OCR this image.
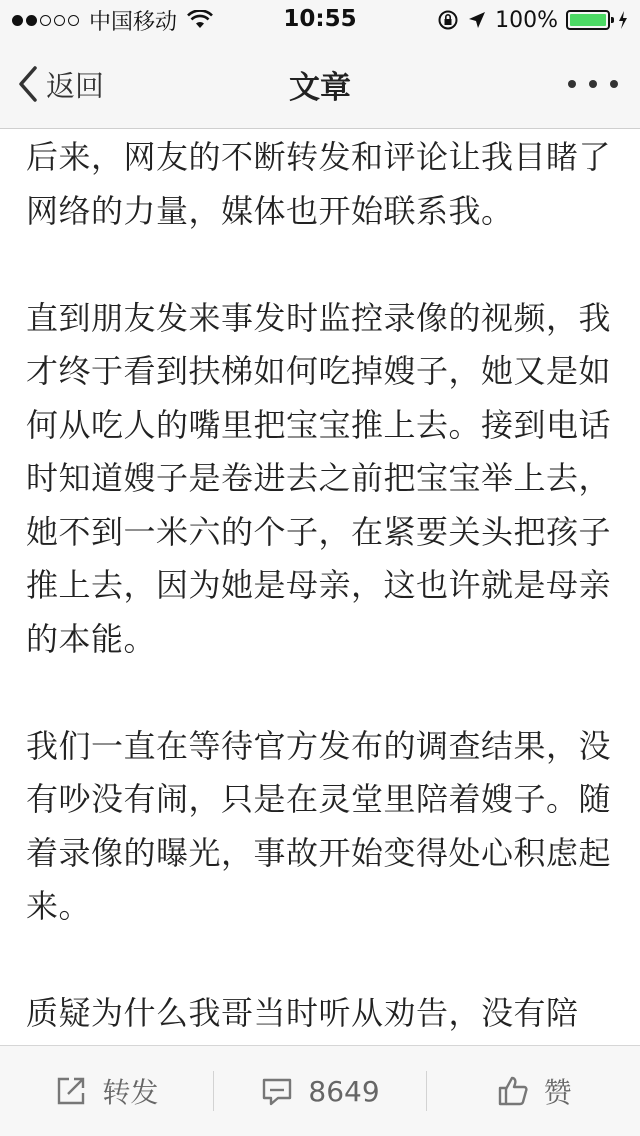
中国移动	10:55	100%
返回	文章

后来，网友的不断转发和评论让我目睹了网络的力量，媒体也开始联系我。

直到朋友发来事发时监控录像的视频，我才终于看到扶梯如何吃掉嫂子，她又是如何从吃人的嘴里把宝宝推上去。接到电话时知道嫂子是卷进去之前把宝宝举上去，她不到一米六的个子，在紧要关头把孩子推上去，因为她是母亲，这也许就是母亲的本能。

我们一直在等待官方发布的调查结果，没有吵没有闹，只是在灵堂里陪着嫂子。随着录像的曝光，事故开始变得处心积虑起来。

质疑为什么我哥当时听从劝告，没有陪

转发	8649	赞
